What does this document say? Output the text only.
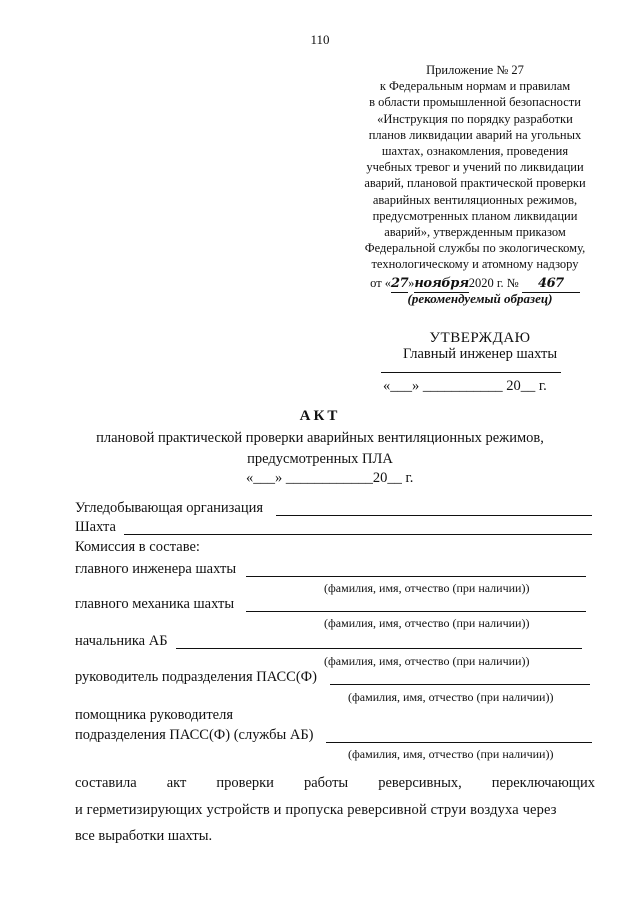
110
Приложение № 27
к Федеральным нормам и правилам
в области промышленной безопасности
«Инструкция по порядку разработки
планов ликвидации аварий на угольных
шахтах, ознакомления, проведения
учебных тревог и учений по ликвидации
аварий, плановой практической проверки
аварийных вентиляционных режимов,
предусмотренных планом ликвидации
аварий», утвержденным приказом
Федеральной службы по экологическому,
технологическому и атомному надзору
от «27»ноября2020 г. № 467
(рекомендуемый образец)
УТВЕРЖДАЮ
Главный инженер шахты
«___» ___________ 20__ г.
АКТ
плановой практической проверки аварийных вентиляционных режимов,
предусмотренных ПЛА
«___» ____________20__ г.
Угледобывающая организация
Шахта
Комиссия в составе:
главного инженера шахты
(фамилия, имя, отчество (при наличии))
главного механика шахты
(фамилия, имя, отчество (при наличии))
начальника АБ
(фамилия, имя, отчество (при наличии))
руководитель подразделения ПАСС(Ф)
(фамилия, имя, отчество (при наличии))
помощника руководителя
подразделения ПАСС(Ф) (службы АБ)
(фамилия, имя, отчество (при наличии))
составила акт проверки работы реверсивных, переключающих
и герметизирующих устройств и пропуска реверсивной струи воздуха через
все выработки шахты.
